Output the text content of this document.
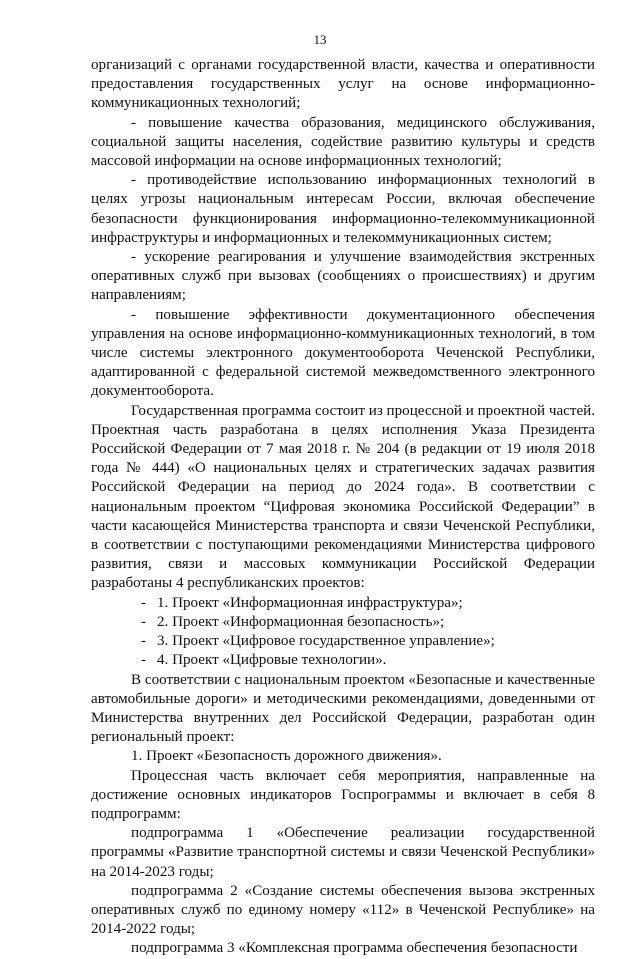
13

организаций с органами государственной власти, качества и оперативности предоставления государственных услуг на основе информационно-коммуникационных технологий;

- повышение качества образования, медицинского обслуживания, социальной защиты населения, содействие развитию культуры и средств массовой информации на основе информационных технологий;

- противодействие использованию информационных технологий в целях угрозы национальным интересам России, включая обеспечение безопасности функционирования информационно-телекоммуникационной инфраструктуры и информационных и телекоммуникационных систем;

- ускорение реагирования и улучшение взаимодействия экстренных оперативных служб при вызовах (сообщениях о происшествиях) и другим направлениям;

- повышение эффективности документационного обеспечения управления на основе информационно-коммуникационных технологий, в том числе системы электронного документооборота Чеченской Республики, адаптированной с федеральной системой межведомственного электронного документооборота.

Государственная программа состоит из процессной и проектной частей. Проектная часть разработана в целях исполнения Указа Президента Российской Федерации от 7 мая 2018 г. № 204 (в редакции от 19 июля 2018 года № 444) «О национальных целях и стратегических задачах развития Российской Федерации на период до 2024 года». В соответствии с национальным проектом “Цифровая экономика Российской Федерации” в части касающейся Министерства транспорта и связи Чеченской Республики, в соответствии с поступающими рекомендациями Министерства цифрового развития, связи и массовых коммуникации Российской Федерации разработаны 4 республиканских проектов:

- 1. Проект «Информационная инфраструктура»;

- 2. Проект «Информационная безопасность»;

- 3. Проект «Цифровое государственное управление»;

- 4. Проект «Цифровые технологии».

В соответствии с национальным проектом «Безопасные и качественные автомобильные дороги» и методическими рекомендациями, доведенными от Министерства внутренних дел Российской Федерации, разработан один региональный проект:

1. Проект «Безопасность дорожного движения».

Процессная часть включает себя мероприятия, направленные на достижение основных индикаторов Госпрограммы и включает в себя 8 подпрограмм:

подпрограмма 1 «Обеспечение реализации государственной программы «Развитие транспортной системы и связи Чеченской Республики» на 2014-2023 годы;

подпрограмма 2 «Создание системы обеспечения вызова экстренных оперативных служб по единому номеру «112» в Чеченской Республике» на 2014-2022 годы;

подпрограмма 3 «Комплексная программа обеспечения безопасности
